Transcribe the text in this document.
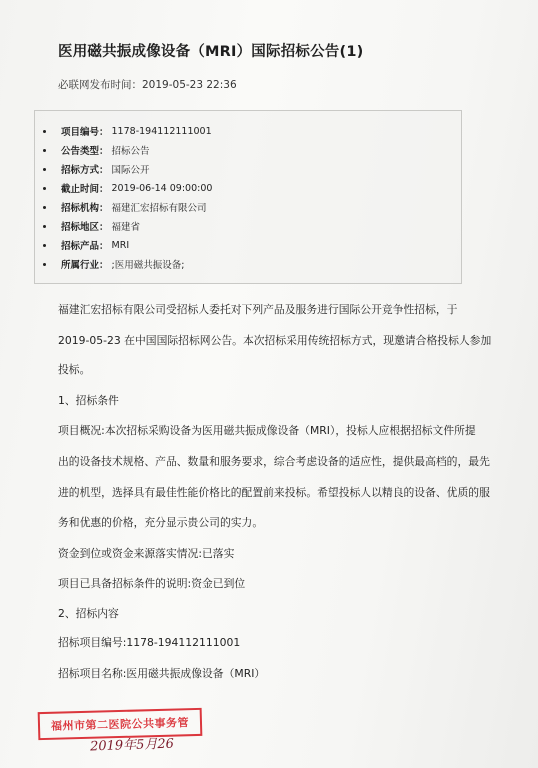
医用磁共振成像设备（MRI）国际招标公告(1)
必联网发布时间：2019-05-23 22:36
项目编号： 1178-194112111001
公告类型： 招标公告
招标方式： 国际公开
截止时间： 2019-06-14 09:00:00
招标机构： 福建汇宏招标有限公司
招标地区： 福建省
招标产品： MRI
所属行业： ;医用磁共振设备;
福建汇宏招标有限公司受招标人委托对下列产品及服务进行国际公开竞争性招标，于
2019-05-23 在中国国际招标网公告。本次招标采用传统招标方式，现邀请合格投标人参加
投标。
1、招标条件
项目概况:本次招标采购设备为医用磁共振成像设备（MRI），投标人应根据招标文件所提
出的设备技术规格、产品、数量和服务要求，综合考虑设备的适应性，提供最高档的，最先
进的机型，选择具有最佳性能价格比的配置前来投标。希望投标人以精良的设备、优质的服
务和优惠的价格，充分显示贵公司的实力。
资金到位或资金来源落实情况:已落实
项目已具备招标条件的说明:资金已到位
2、招标内容
招标项目编号:1178-194112111001
招标项目名称:医用磁共振成像设备（MRI）
福州市第二医院公共事务管
2019年5月26
